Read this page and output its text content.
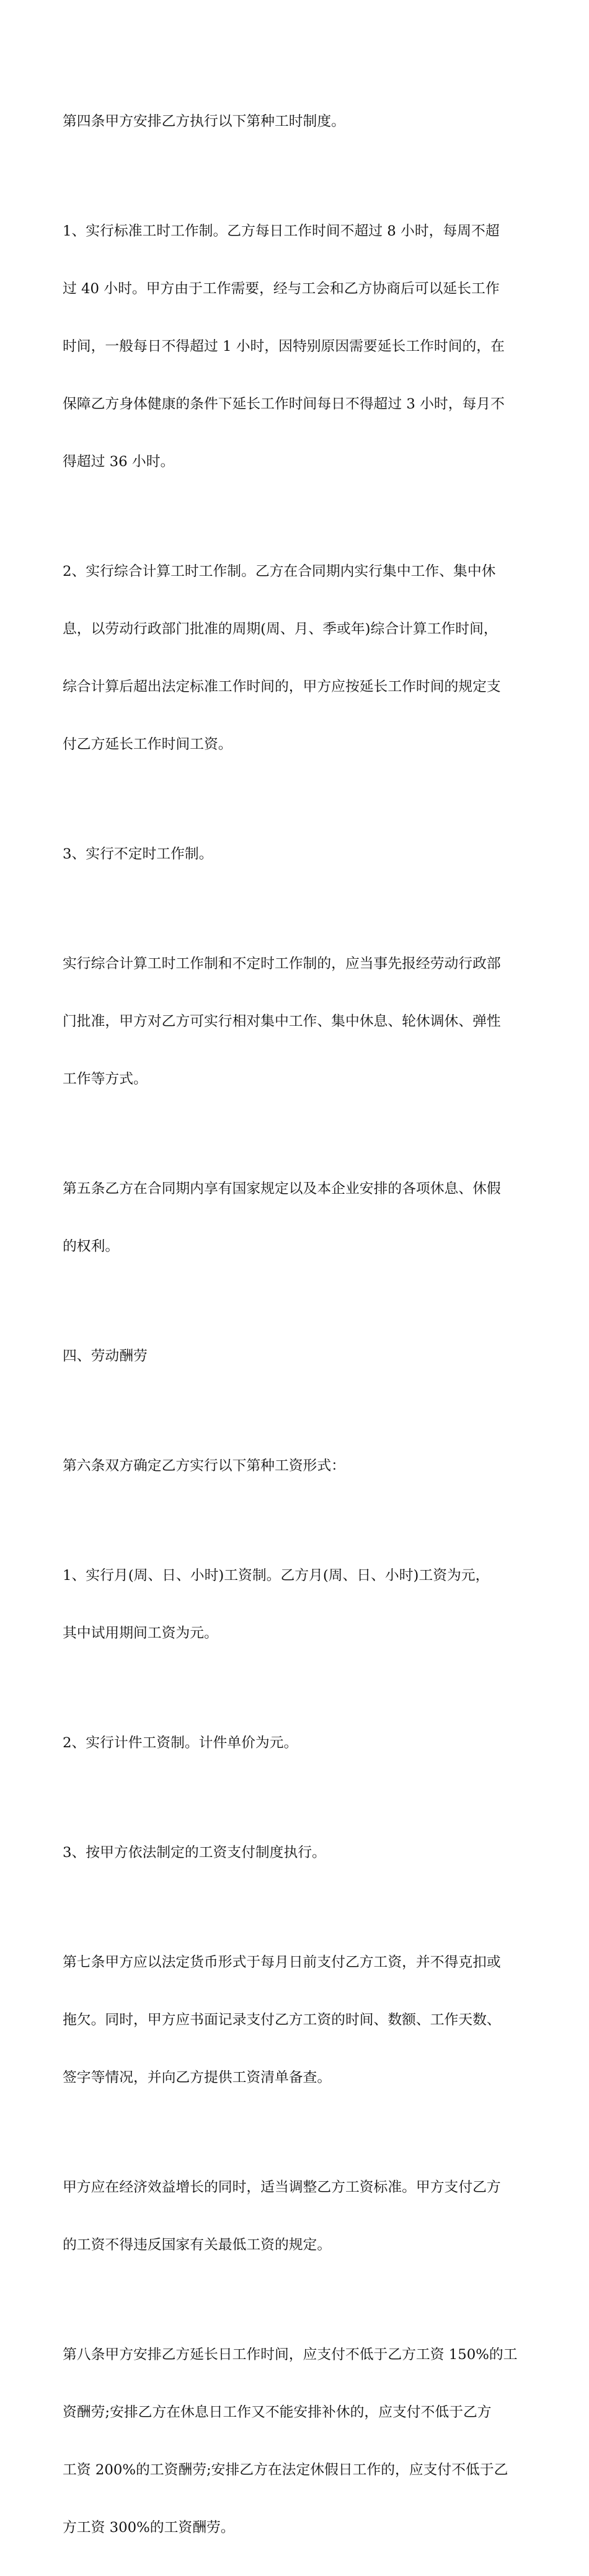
第四条甲方安排乙方执行以下第种工时制度。

1、实行标准工时工作制。乙方每日工作时间不超过 8 小时，每周不超

过 40 小时。甲方由于工作需要，经与工会和乙方协商后可以延长工作

时间，一般每日不得超过 1 小时，因特别原因需要延长工作时间的，在

保障乙方身体健康的条件下延长工作时间每日不得超过 3 小时，每月不

得超过 36 小时。

2、实行综合计算工时工作制。乙方在合同期内实行集中工作、集中休

息，以劳动行政部门批准的周期(周、月、季或年)综合计算工作时间，

综合计算后超出法定标准工作时间的，甲方应按延长工作时间的规定支

付乙方延长工作时间工资。

3、实行不定时工作制。

实行综合计算工时工作制和不定时工作制的，应当事先报经劳动行政部

门批准，甲方对乙方可实行相对集中工作、集中休息、轮休调休、弹性

工作等方式。

第五条乙方在合同期内享有国家规定以及本企业安排的各项休息、休假

的权利。

四、劳动酬劳

第六条双方确定乙方实行以下第种工资形式：

1、实行月(周、日、小时)工资制。乙方月(周、日、小时)工资为元，

其中试用期间工资为元。

2、实行计件工资制。计件单价为元。

3、按甲方依法制定的工资支付制度执行。

第七条甲方应以法定货币形式于每月日前支付乙方工资，并不得克扣或

拖欠。同时，甲方应书面记录支付乙方工资的时间、数额、工作天数、

签字等情况，并向乙方提供工资清单备查。

甲方应在经济效益增长的同时，适当调整乙方工资标准。甲方支付乙方

的工资不得违反国家有关最低工资的规定。

第八条甲方安排乙方延长日工作时间，应支付不低于乙方工资 150%的工

资酬劳;安排乙方在休息日工作又不能安排补休的，应支付不低于乙方

工资 200%的工资酬劳;安排乙方在法定休假日工作的，应支付不低于乙

方工资 300%的工资酬劳。
